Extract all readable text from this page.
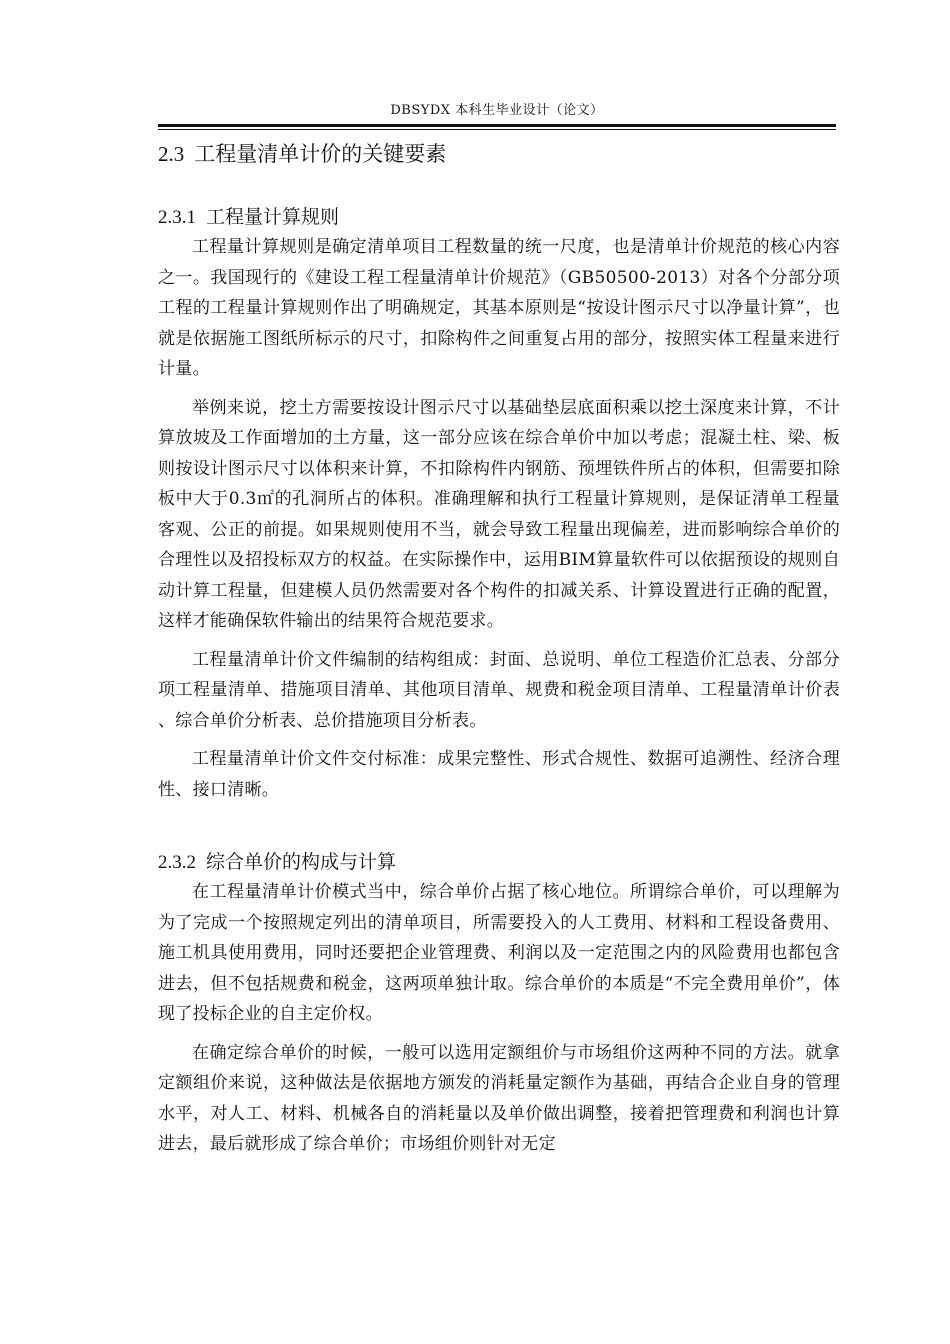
DBSYDX 本科生毕业设计（论文）
2.3 工程量清单计价的关键要素
2.3.1 工程量计算规则

工程量计算规则是确定清单项目工程数量的统一尺度，也是清单计价规范的核心内容之一。我国现行的《建设工程工程量清单计价规范》（GB50500-2013）对各个分部分项工程的工程量计算规则作出了明确规定，其基本原则是“按设计图示尺寸以净量计算”，也就是依据施工图纸所标示的尺寸，扣除构件之间重复占用的部分，按照实体工程量来进行计量。

举例来说，挖土方需要按设计图示尺寸以基础垫层底面积乘以挖土深度来计算，不计算放坡及工作面增加的土方量，这一部分应该在综合单价中加以考虑；混凝土柱、梁、板则按设计图示尺寸以体积来计算，不扣除构件内钢筋、预埋铁件所占的体积，但需要扣除板中大于0.3㎡的孔洞所占的体积。准确理解和执行工程量计算规则，是保证清单工程量客观、公正的前提。如果规则使用不当，就会导致工程量出现偏差，进而影响综合单价的合理性以及招投标双方的权益。在实际操作中，运用BIM算量软件可以依据预设的规则自动计算工程量，但建模人员仍然需要对各个构件的扣减关系、计算设置进行正确的配置，这样才能确保软件输出的结果符合规范要求。

工程量清单计价文件编制的结构组成：封面、总说明、单位工程造价汇总表、分部分项工程量清单、措施项目清单、其他项目清单、规费和税金项目清单、工程量清单计价表、综合单价分析表、总价措施项目分析表。

工程量清单计价文件交付标准：成果完整性、形式合规性、数据可追溯性、经济合理性、接口清晰。

2.3.2 综合单价的构成与计算

在工程量清单计价模式当中，综合单价占据了核心地位。所谓综合单价，可以理解为为了完成一个按照规定列出的清单项目，所需要投入的人工费用、材料和工程设备费用、施工机具使用费用，同时还要把企业管理费、利润以及一定范围之内的风险费用也都包含进去，但不包括规费和税金，这两项单独计取。综合单价的本质是“不完全费用单价”，体现了投标企业的自主定价权。

在确定综合单价的时候，一般可以选用定额组价与市场组价这两种不同的方法。就拿定额组价来说，这种做法是依据地方颁发的消耗量定额作为基础，再结合企业自身的管理水平，对人工、材料、机械各自的消耗量以及单价做出调整，接着把管理费和利润也计算进去，最后就形成了综合单价；市场组价则针对无定
